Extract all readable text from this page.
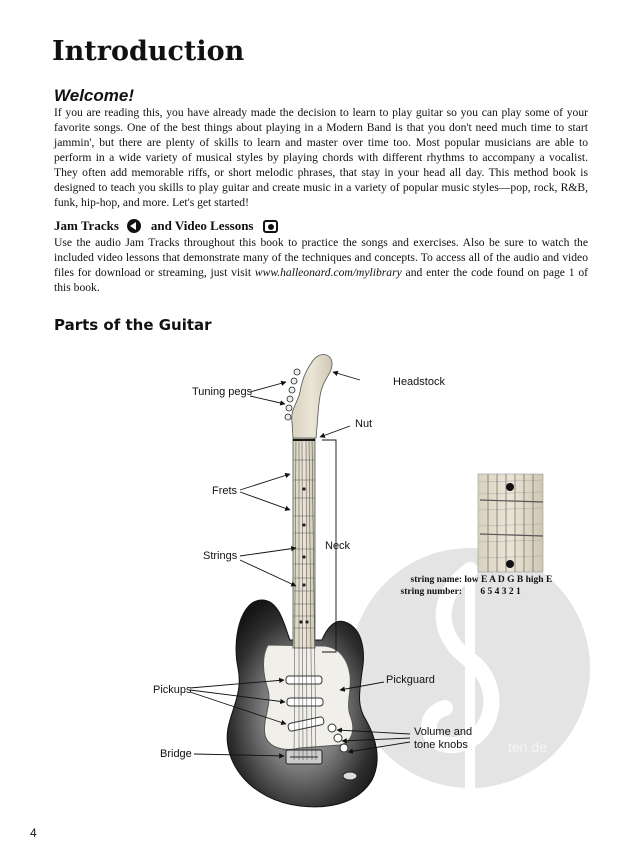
Introduction
Welcome!
If you are reading this, you have already made the decision to learn to play guitar so you can play some of your favorite songs. One of the best things about playing in a Modern Band is that you don't need much time to start jammin', but there are plenty of skills to learn and master over time too. Most popular musicians are able to perform in a wide variety of musical styles by playing chords with different rhythms to accompany a vocalist. They often add memorable riffs, or short melodic phrases, that stay in your head all day. This method book is designed to teach you skills to play guitar and create music in a variety of popular music styles—pop, rock, R&B, funk, hip-hop, and more. Let's get started!
Jam Tracks and Video Lessons
Use the audio Jam Tracks throughout this book to practice the songs and exercises. Also be sure to watch the included video lessons that demonstrate many of the techniques and concepts. To access all of the audio and video files for download or streaming, just visit www.halleonard.com/mylibrary and enter the code found on page 1 of this book.
Parts of the Guitar
ten.de
Tuning pegs
Headstock
Nut
Frets
Neck
Strings
Pickups
Pickguard
Volume and
tone knobs
Bridge
string name: low E A D G B high E
string number: 6 5 4 3 2 1
4
